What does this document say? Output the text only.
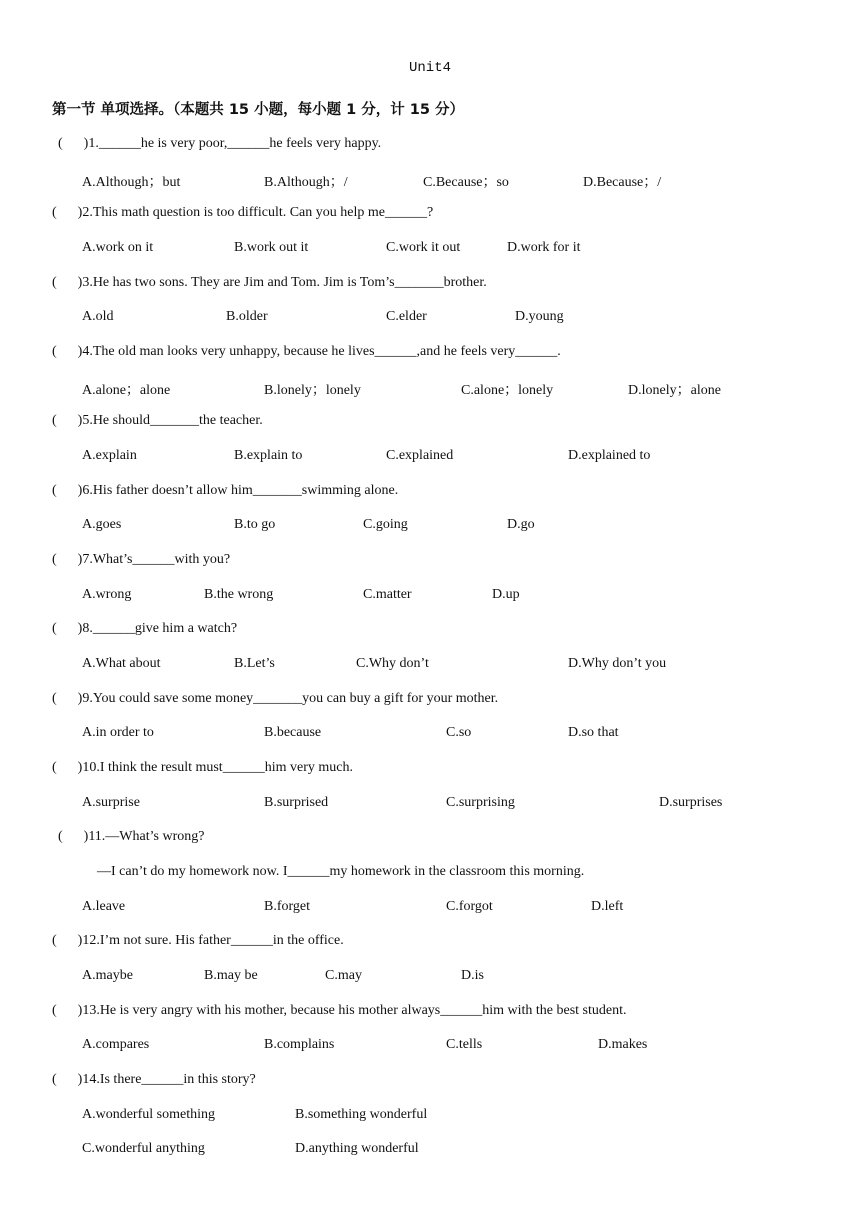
Unit4
第一节 单项选择。（本题共 15 小题，每小题 1 分，计 15 分）
(      )1.______he is very poor,______he feels very happy.
A.Although；but	B.Although；/	C.Because；so	D.Because；/
(      )2.This math question is too difficult. Can you help me______?
A.work on it	B.work out it	C.work it out	D.work for it
(      )3.He has two sons. They are Jim and Tom. Jim is Tom’s_______brother.
A.old	B.older	C.elder	D.young
(      )4.The old man looks very unhappy, because he lives______,and he feels very______.
A.alone；alone	B.lonely；lonely	C.alone；lonely	D.lonely；alone
(      )5.He should_______the teacher.
A.explain	B.explain to	C.explained	D.explained to
(      )6.His father doesn’t allow him_______swimming alone.
A.goes	B.to go	C.going	D.go
(      )7.What’s______with you?
A.wrong	B.the wrong	C.matter	D.up
(      )8.______give him a watch?
A.What about	B.Let’s	C.Why don’t	D.Why don’t you
(      )9.You could save some money_______you can buy a gift for your mother.
A.in order to	B.because	C.so	D.so that
(      )10.I think the result must______him very much.
A.surprise	B.surprised	C.surprising	D.surprises
(      )11.—What’s wrong?
—I can’t do my homework now. I______my homework in the classroom this morning.
A.leave	B.forget	C.forgot	D.left
(      )12.I’m not sure. His father______in the office.
A.maybe	B.may be	C.may	D.is
(      )13.He is very angry with his mother, because his mother always______him with the best student.
A.compares	B.complains	C.tells	D.makes
(      )14.Is there______in this story?
A.wonderful something	B.something wonderful
C.wonderful anything	D.anything wonderful
